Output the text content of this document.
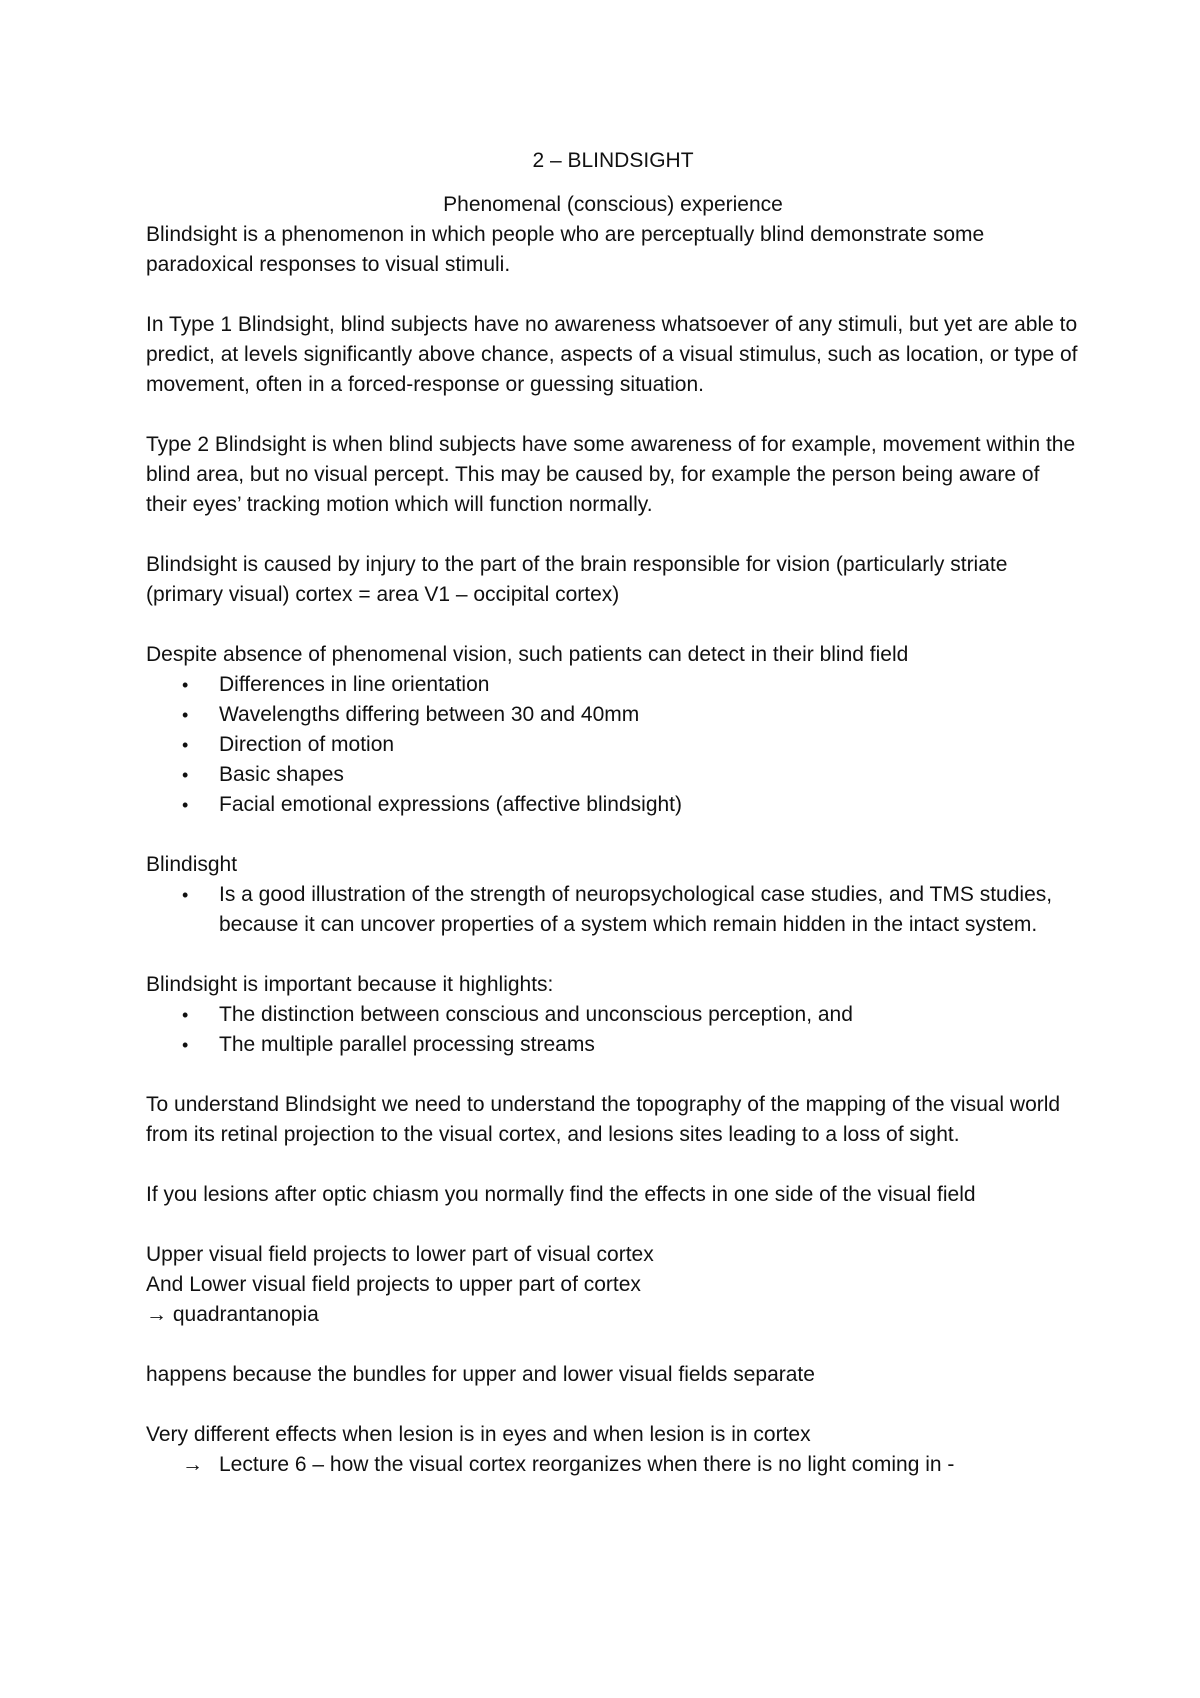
2 – BLINDSIGHT
Phenomenal (conscious) experience

Blindsight is a phenomenon in which people who are perceptually blind demonstrate some paradoxical responses to visual stimuli.

In Type 1 Blindsight, blind subjects have no awareness whatsoever of any stimuli, but yet are able to predict, at levels significantly above chance, aspects of a visual stimulus, such as location, or type of movement, often in a forced-response or guessing situation.

Type 2 Blindsight is when blind subjects have some awareness of for example, movement within the blind area, but no visual percept. This may be caused by, for example the person being aware of their eyes’ tracking motion which will function normally.

Blindsight is caused by injury to the part of the brain responsible for vision (particularly striate (primary visual) cortex = area V1 – occipital cortex)

Despite absence of phenomenal vision, such patients can detect in their blind field

• Differences in line orientation
• Wavelengths differing between 30 and 40mm
• Direction of motion
• Basic shapes
• Facial emotional expressions (affective blindsight)

Blindisght

• Is a good illustration of the strength of neuropsychological case studies, and TMS studies, because it can uncover properties of a system which remain hidden in the intact system.

Blindsight is important because it highlights:

• The distinction between conscious and unconscious perception, and
• The multiple parallel processing streams

To understand Blindsight we need to understand the topography of the mapping of the visual world from its retinal projection to the visual cortex, and lesions sites leading to a loss of sight.

If you lesions after optic chiasm you normally find the effects in one side of the visual field

Upper visual field projects to lower part of visual cortex

And Lower visual field projects to upper part of cortex

→ quadrantanopia

happens because the bundles for upper and lower visual fields separate

Very different effects when lesion is in eyes and when lesion is in cortex

→ Lecture 6 – how the visual cortex reorganizes when there is no light coming in -
